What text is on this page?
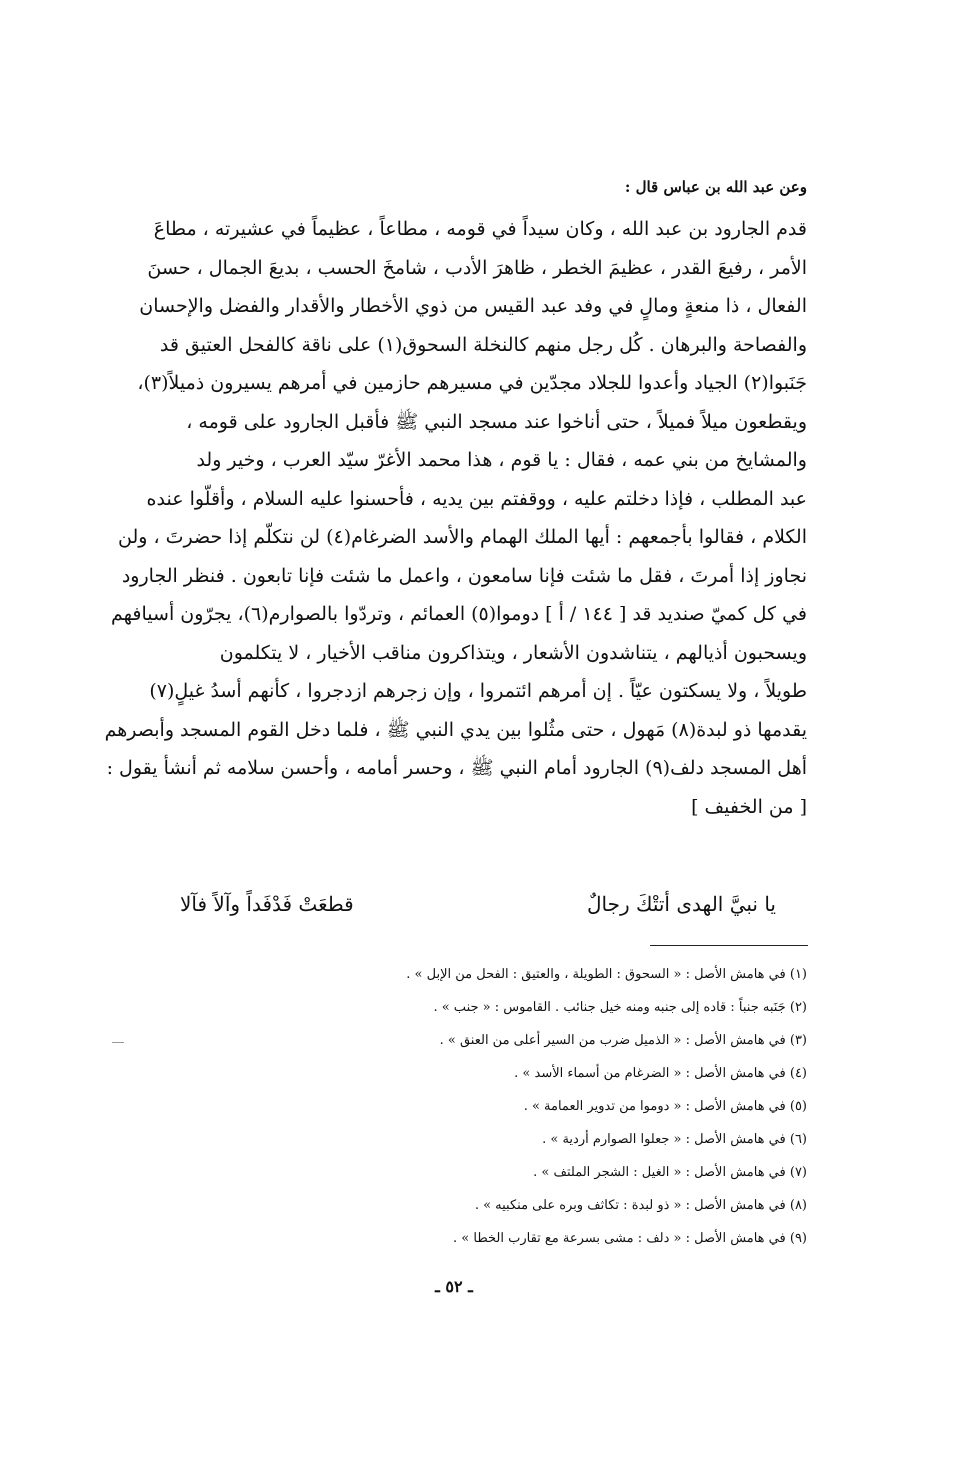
وعن عبد الله بن عباس قال :
قدم الجارود بن عبد الله ، وكان سيداً في قومه ، مطاعاً ، عظيماً في عشيرته ، مطاعَ
الأمر ، رفيعَ القدر ، عظيمَ الخطر ، ظاهرَ الأدب ، شامخَ الحسب ، بديعَ الجمال ، حسنَ
الفعال ، ذا منعةٍ ومالٍ في وفد عبد القيس من ذوي الأخطار والأقدار والفضل والإحسان
والفصاحة والبرهان . كُل رجل منهم كالنخلة السحوق(١) على ناقة كالفحل العتيق قد
جَنَبوا(٢) الجياد وأعدوا للجلاد مجدّين في مسيرهم حازمين في أمرهم يسيرون ذميلاً(٣)،
ويقطعون ميلاً فميلاً ، حتى أناخوا عند مسجد النبي ﷺ فأقبل الجارود على قومه ،
والمشايخ من بني عمه ، فقال : يا قوم ، هذا محمد الأغرّ سيّد العرب ، وخير ولد
عبد المطلب ، فإذا دخلتم عليه ، ووقفتم بين يديه ، فأحسنوا عليه السلام ، وأقلّوا عنده
الكلام ، فقالوا بأجمعهم : أيها الملك الهمام والأسد الضرغام(٤) لن نتكلّم إذا حضرتَ ، ولن
نجاوز إذا أمرتَ ، فقل ما شئت فإنا سامعون ، واعمل ما شئت فإنا تابعون . فنظر الجارود
في كل كميّ صنديد قد [ ١٤٤ / أ ] دوموا(٥) العمائم ، وتردّوا بالصوارم(٦)، يجرّون أسيافهم
ويسحبون أذيالهم ، يتناشدون الأشعار ، ويتذاكرون مناقب الأخيار ، لا يتكلمون
طويلاً ، ولا يسكتون عيّاً . إن أمرهم ائتمروا ، وإن زجرهم ازدجروا ، كأنهم أسدُ غيلٍ(٧)
يقدمها ذو لبدة(٨) مَهول ، حتى مثُلوا بين يدي النبي ﷺ ، فلما دخل القوم المسجد وأبصرهم
أهل المسجد دلف(٩) الجارود أمام النبي ﷺ ، وحسر أمامه ، وأحسن سلامه ثم أنشأ يقول :
[ من الخفيف ]
يا نبيَّ الهدى أتتْكَ رجالٌ
قطعَتْ فَدْفَداً وآلاً فآلا
(١) في هامش الأصل : « السحوق : الطويلة ، والعتيق : الفحل من الإبل » .
(٢) جَنَبه جنباً : قاده إلى جنبه ومنه خيل جنائب . القاموس : « جنب » .
(٣) في هامش الأصل : « الذميل ضرب من السير أعلى من العنق » .
(٤) في هامش الأصل : « الضرغام من أسماء الأسد » .
(٥) في هامش الأصل : « دوموا من تدوير العمامة » .
(٦) في هامش الأصل : « جعلوا الصوارم أردية » .
(٧) في هامش الأصل : « الغيل : الشجر الملتف » .
(٨) في هامش الأصل : « ذو لبدة : تكاثف وبره على منكبيه » .
(٩) في هامش الأصل : « دلف : مشى بسرعة مع تقارب الخطا » .
ـ ٥٢ ـ
